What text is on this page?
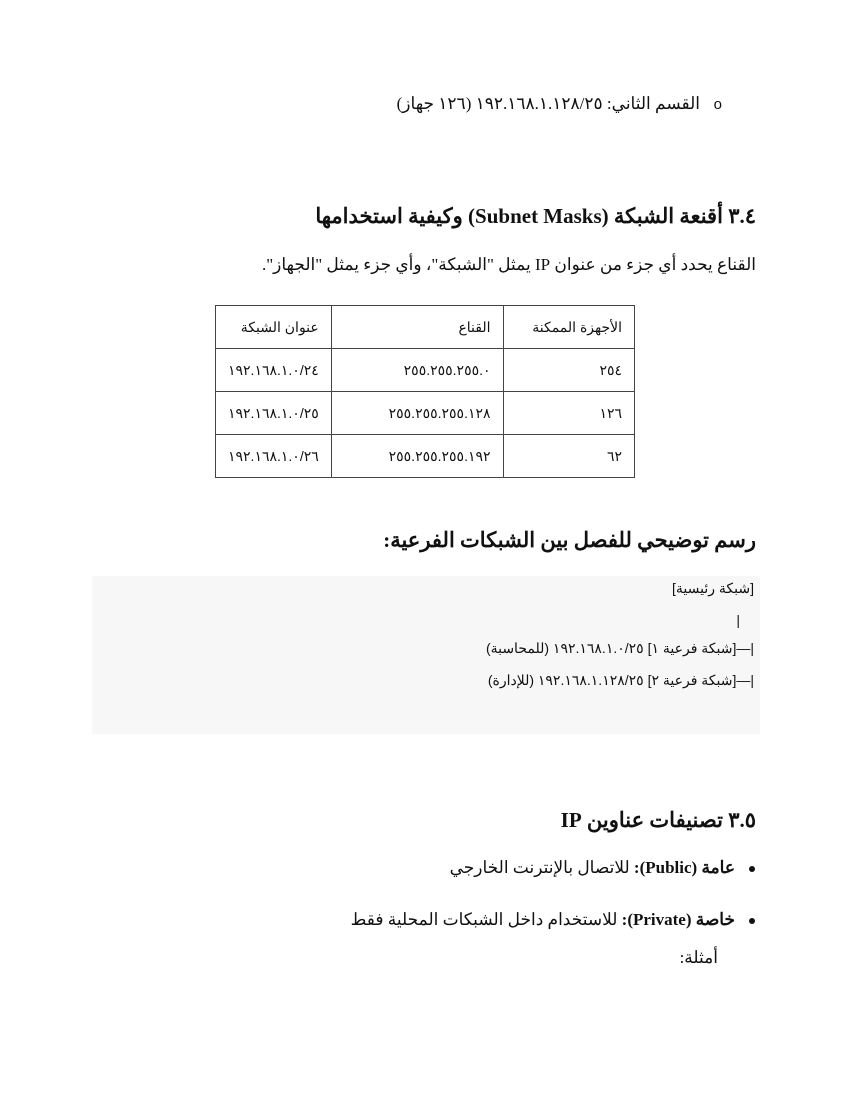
o
القسم الثاني: ١٩٢.١٦٨.١.١٢٨/٢٥ (١٢٦ جهاز)
٣.٤ أقنعة الشبكة (Subnet Masks) وكيفية استخدامها
القناع يحدد أي جزء من عنوان IP يمثل "الشبكة"، وأي جزء يمثل "الجهاز".
الأجهزة الممكنة	القناع	عنوان الشبكة
٢٥٤	٢٥٥.٢٥٥.٢٥٥.٠	١٩٢.١٦٨.١.٠/٢٤
١٢٦	٢٥٥.٢٥٥.٢٥٥.١٢٨	١٩٢.١٦٨.١.٠/٢٥
٦٢	٢٥٥.٢٥٥.٢٥٥.١٩٢	١٩٢.١٦٨.١.٠/٢٦
رسم توضيحي للفصل بين الشبكات الفرعية:
[شبكة رئيسية]
|
|—[شبكة فرعية ١] ١٩٢.١٦٨.١.٠/٢٥ (للمحاسبة)
|—[شبكة فرعية ٢] ١٩٢.١٦٨.١.١٢٨/٢٥ (للإدارة)
٣.٥ تصنيفات عناوين IP
عامة (Public): للاتصال بالإنترنت الخارجي
خاصة (Private): للاستخدام داخل الشبكات المحلية فقط
أمثلة:
